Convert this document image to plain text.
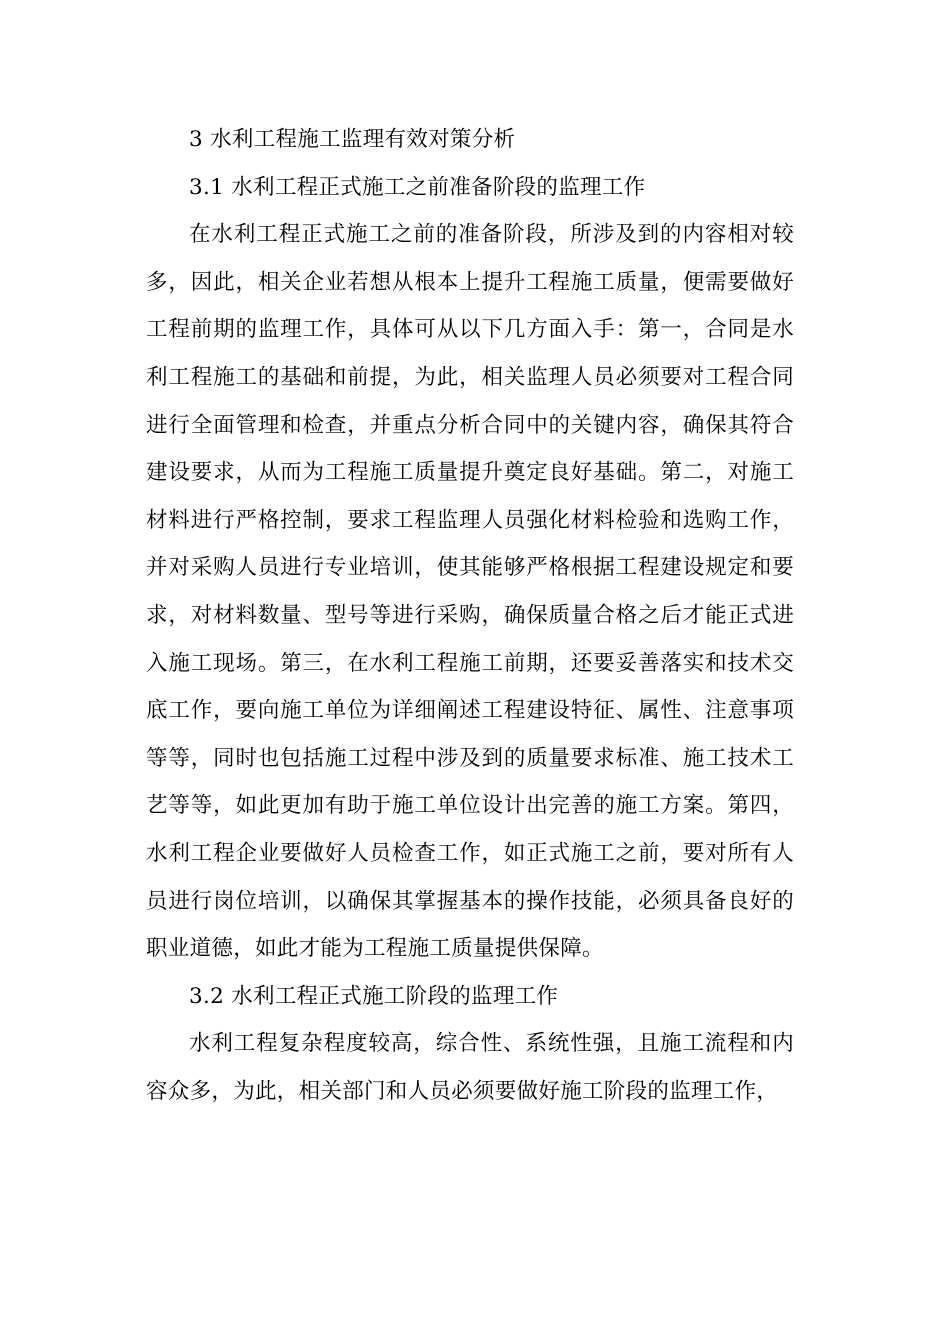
3 水利工程施工监理有效对策分析
3.1 水利工程正式施工之前准备阶段的监理工作

在水利工程正式施工之前的准备阶段，所涉及到的内容相对较多，因此，相关企业若想从根本上提升工程施工质量，便需要做好工程前期的监理工作，具体可从以下几方面入手：第一，合同是水利工程施工的基础和前提，为此，相关监理人员必须要对工程合同进行全面管理和检查，并重点分析合同中的关键内容，确保其符合建设要求，从而为工程施工质量提升奠定良好基础。第二，对施工材料进行严格控制，要求工程监理人员强化材料检验和选购工作，并对采购人员进行专业培训，使其能够严格根据工程建设规定和要求，对材料数量、型号等进行采购，确保质量合格之后才能正式进入施工现场。第三，在水利工程施工前期，还要妥善落实和技术交底工作，要向施工单位为详细阐述工程建设特征、属性、注意事项等等，同时也包括施工过程中涉及到的质量要求标准、施工技术工艺等等，如此更加有助于施工单位设计出完善的施工方案。第四，水利工程企业要做好人员检查工作，如正式施工之前，要对所有人员进行岗位培训，以确保其掌握基本的操作技能，必须具备良好的职业道德，如此才能为工程施工质量提供保障。

3.2 水利工程正式施工阶段的监理工作

水利工程复杂程度较高，综合性、系统性强，且施工流程和内容众多，为此，相关部门和人员必须要做好施工阶段的监理工作，
